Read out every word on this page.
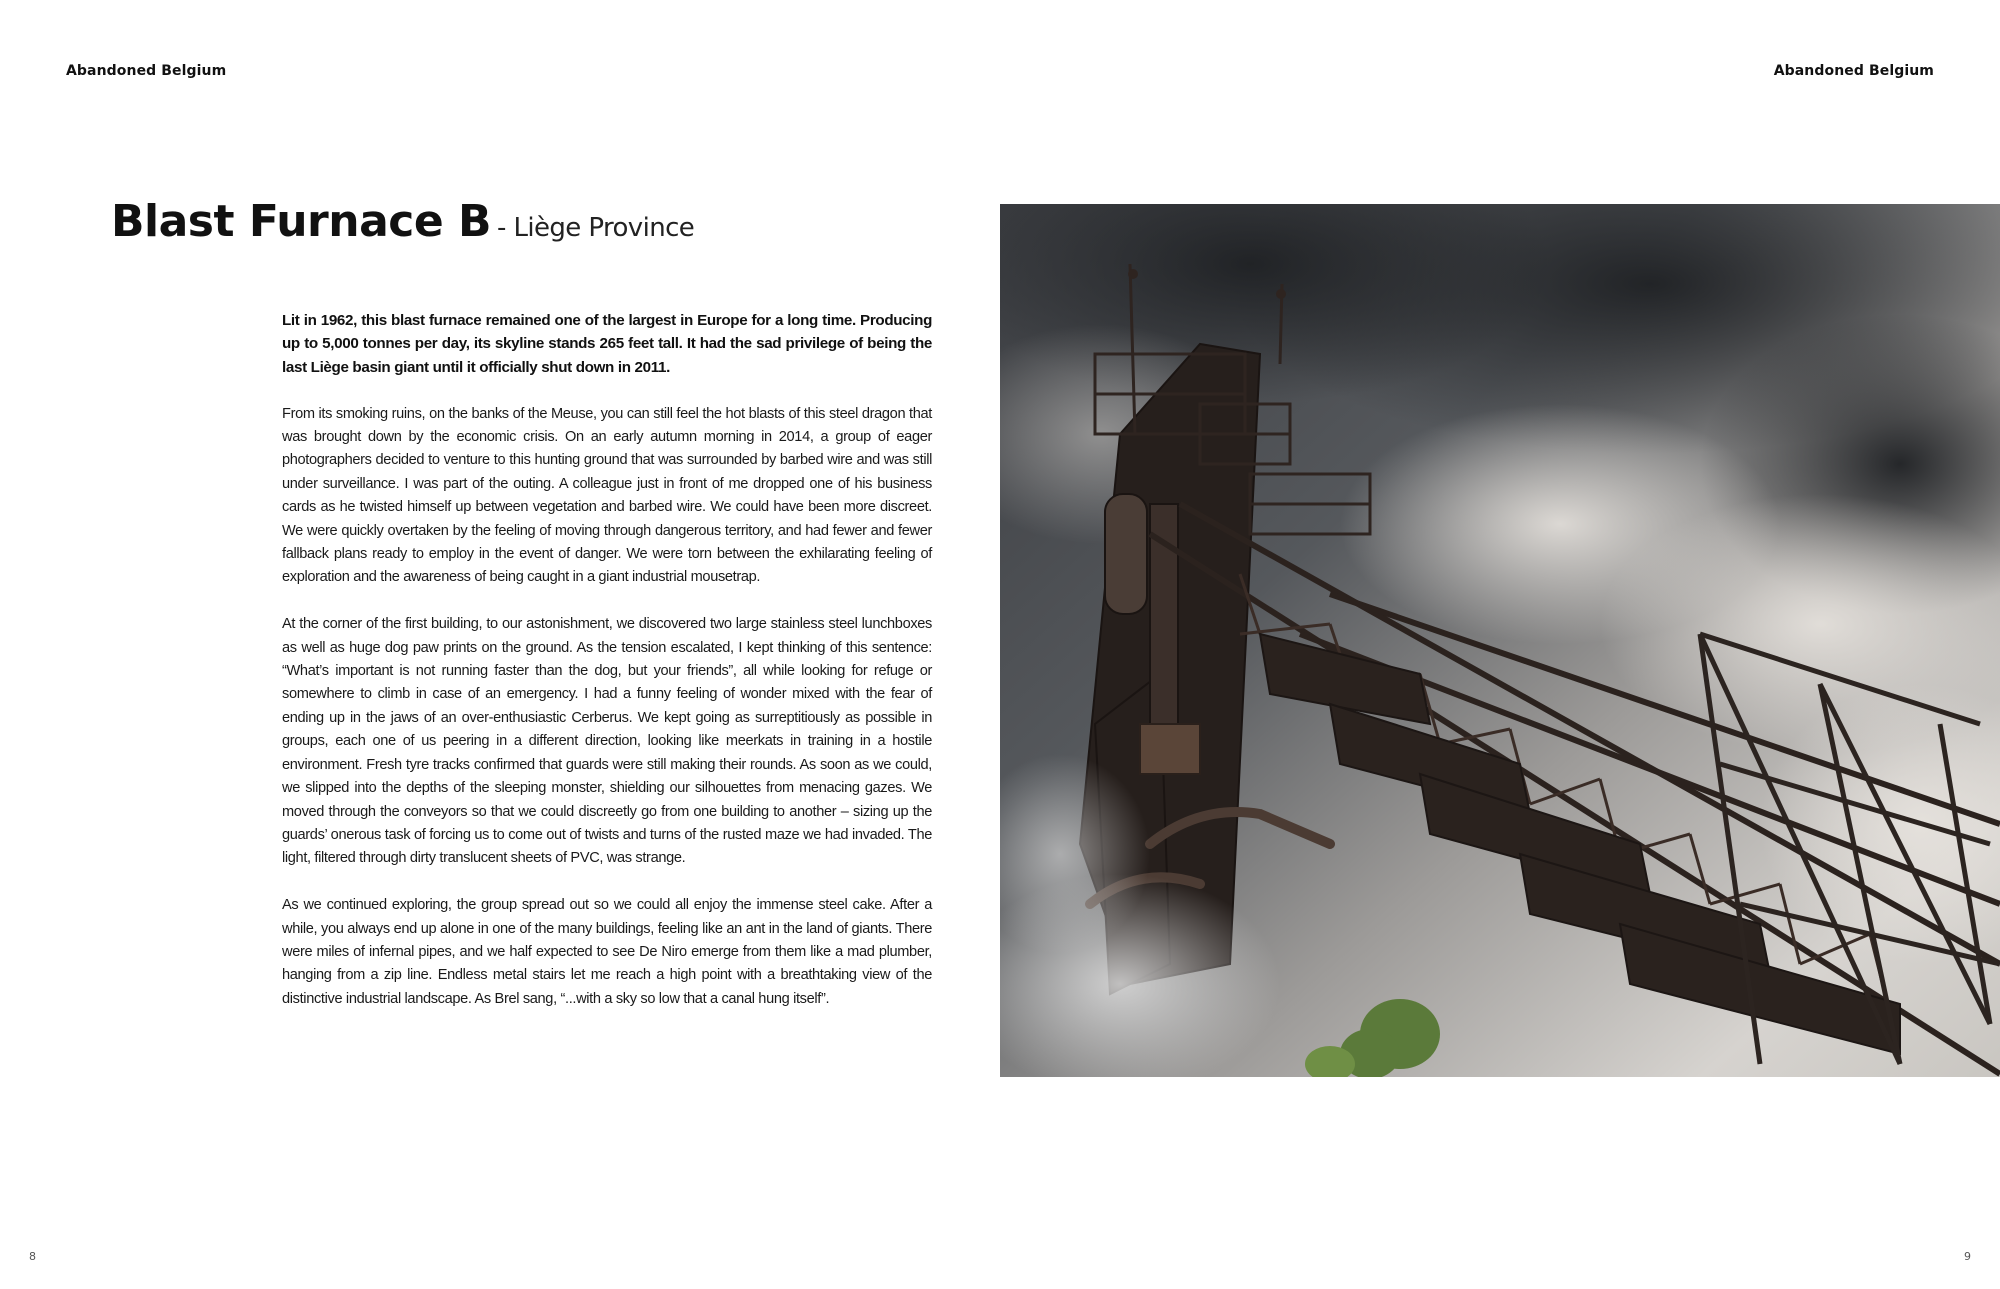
Abandoned Belgium	Abandoned Belgium
Blast Furnace B - Liège Province

Lit in 1962, this blast furnace remained one of the largest in Europe for a long time. Producing up to 5,000 tonnes per day, its skyline stands 265 feet tall. It had the sad privilege of being the last Liège basin giant until it officially shut down in 2011.

From its smoking ruins, on the banks of the Meuse, you can still feel the hot blasts of this steel dragon that was brought down by the economic crisis. On an early autumn morning in 2014, a group of eager photographers decided to venture to this hunting ground that was surrounded by barbed wire and was still under surveillance. I was part of the outing. A colleague just in front of me dropped one of his business cards as he twisted himself up between vegetation and barbed wire. We could have been more discreet. We were quickly overtaken by the feeling of moving through dangerous territory, and had fewer and fewer fallback plans ready to employ in the event of danger. We were torn between the exhilarating feeling of exploration and the awareness of being caught in a giant industrial mousetrap.

At the corner of the first building, to our astonishment, we discovered two large stainless steel lunchboxes as well as huge dog paw prints on the ground. As the tension escalated, I kept thinking of this sentence: “What’s important is not running faster than the dog, but your friends”, all while looking for refuge or somewhere to climb in case of an emergency. I had a funny feeling of wonder mixed with the fear of ending up in the jaws of an over-enthusiastic Cerberus. We kept going as surreptitiously as possible in groups, each one of us peering in a different direction, looking like meerkats in training in a hostile environment. Fresh tyre tracks confirmed that guards were still making their rounds. As soon as we could, we slipped into the depths of the sleeping monster, shielding our silhouettes from menacing gazes. We moved through the conveyors so that we could discreetly go from one building to another – sizing up the guards’ onerous task of forcing us to come out of twists and turns of the rusted maze we had invaded. The light, filtered through dirty translucent sheets of PVC, was strange.

As we continued exploring, the group spread out so we could all enjoy the immense steel cake. After a while, you always end up alone in one of the many buildings, feeling like an ant in the land of giants. There were miles of infernal pipes, and we half expected to see De Niro emerge from them like a mad plumber, hanging from a zip line. Endless metal stairs let me reach a high point with a breathtaking view of the distinctive industrial landscape. As Brel sang, “...with a sky so low that a canal hung itself”.

8	9
